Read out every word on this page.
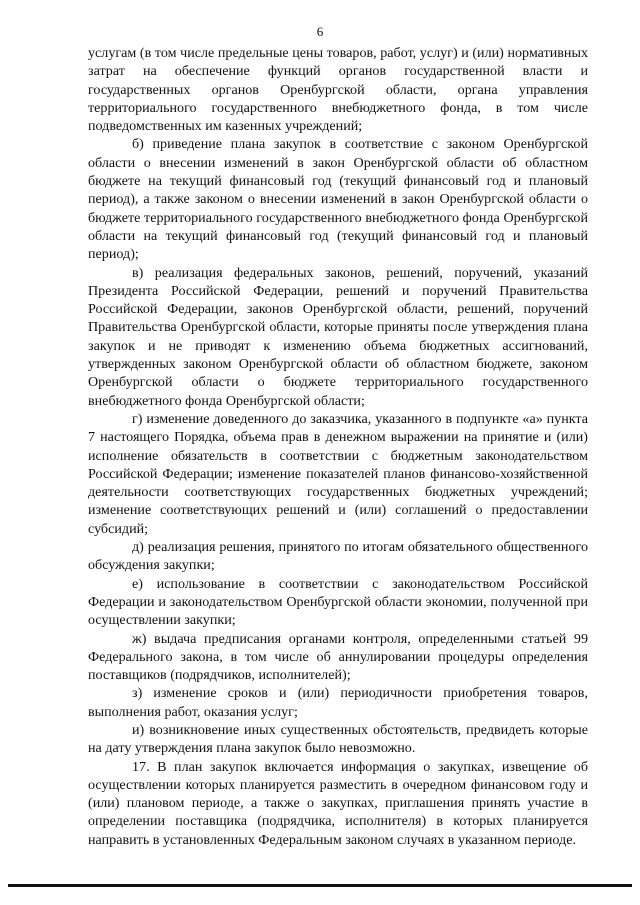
6

услугам (в том числе предельные цены товаров, работ, услуг) и (или) нормативных затрат на обеспечение функций органов государственной власти и государственных органов Оренбургской области, органа управления территориального государственного внебюджетного фонда, в том числе подведомственных им казенных учреждений;

б) приведение плана закупок в соответствие с законом Оренбургской области о внесении изменений в закон Оренбургской области об областном бюджете на текущий финансовый год (текущий финансовый год и плановый период), а также законом о внесении изменений в закон Оренбургской области о бюджете территориального государственного внебюджетного фонда Оренбургской области на текущий финансовый год (текущий финансовый год и плановый период);

в) реализация федеральных законов, решений, поручений, указаний Президента Российской Федерации, решений и поручений Правительства Российской Федерации, законов Оренбургской области, решений, поручений Правительства Оренбургской области, которые приняты после утверждения плана закупок и не приводят к изменению объема бюджетных ассигнований, утвержденных законом Оренбургской области об областном бюджете, законом Оренбургской области о бюджете территориального государственного внебюджетного фонда Оренбургской области;

г) изменение доведенного до заказчика, указанного в подпункте «а» пункта 7 настоящего Порядка, объема прав в денежном выражении на принятие и (или) исполнение обязательств в соответствии с бюджетным законодательством Российской Федерации; изменение показателей планов финансово-хозяйственной деятельности соответствующих государственных бюджетных учреждений; изменение соответствующих решений и (или) соглашений о предоставлении субсидий;

д) реализация решения, принятого по итогам обязательного общественного обсуждения закупки;

е) использование в соответствии с законодательством Российской Федерации и законодательством Оренбургской области экономии, полученной при осуществлении закупки;

ж) выдача предписания органами контроля, определенными статьей 99 Федерального закона, в том числе об аннулировании процедуры определения поставщиков (подрядчиков, исполнителей);

з) изменение сроков и (или) периодичности приобретения товаров, выполнения работ, оказания услуг;

и) возникновение иных существенных обстоятельств, предвидеть которые на дату утверждения плана закупок было невозможно.

17. В план закупок включается информация о закупках, извещение об осуществлении которых планируется разместить в очередном финансовом году и (или) плановом периоде, а также о закупках, приглашения принять участие в определении поставщика (подрядчика, исполнителя) в которых планируется направить в установленных Федеральным законом случаях в указанном периоде.
